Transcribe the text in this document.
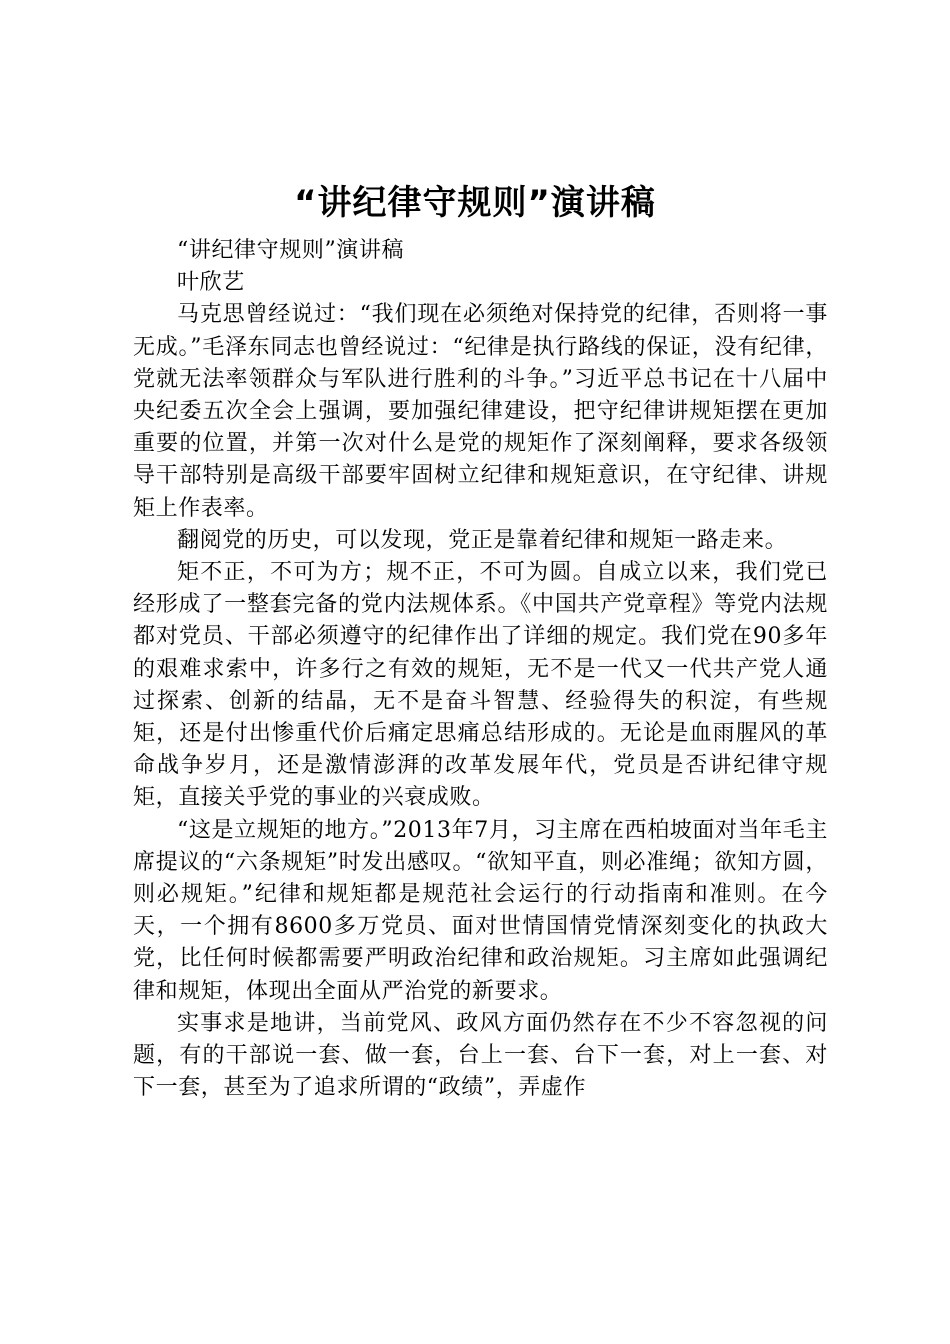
“讲纪律守规则”演讲稿

“讲纪律守规则”演讲稿

叶欣艺

马克思曾经说过：“我们现在必须绝对保持党的纪律，否则将一事无成。”毛泽东同志也曾经说过：“纪律是执行路线的保证，没有纪律，党就无法率领群众与军队进行胜利的斗争。”习近平总书记在十八届中央纪委五次全会上强调，要加强纪律建设，把守纪律讲规矩摆在更加重要的位置，并第一次对什么是党的规矩作了深刻阐释，要求各级领导干部特别是高级干部要牢固树立纪律和规矩意识，在守纪律、讲规矩上作表率。

翻阅党的历史，可以发现，党正是靠着纪律和规矩一路走来。

矩不正，不可为方；规不正，不可为圆。自成立以来，我们党已经形成了一整套完备的党内法规体系。《中国共产党章程》等党内法规都对党员、干部必须遵守的纪律作出了详细的规定。我们党在90多年的艰难求索中，许多行之有效的规矩，无不是一代又一代共产党人通过探索、创新的结晶，无不是奋斗智慧、经验得失的积淀，有些规矩，还是付出惨重代价后痛定思痛总结形成的。无论是血雨腥风的革命战争岁月，还是激情澎湃的改革发展年代，党员是否讲纪律守规矩，直接关乎党的事业的兴衰成败。

“这是立规矩的地方。”2013年7月，习主席在西柏坡面对当年毛主席提议的“六条规矩”时发出感叹。“欲知平直，则必准绳；欲知方圆，则必规矩。”纪律和规矩都是规范社会运行的行动指南和准则。在今天，一个拥有8600多万党员、面对世情国情党情深刻变化的执政大党，比任何时候都需要严明政治纪律和政治规矩。习主席如此强调纪律和规矩，体现出全面从严治党的新要求。

实事求是地讲，当前党风、政风方面仍然存在不少不容忽视的问题，有的干部说一套、做一套，台上一套、台下一套，对上一套、对下一套，甚至为了追求所谓的“政绩”，弄虚作
